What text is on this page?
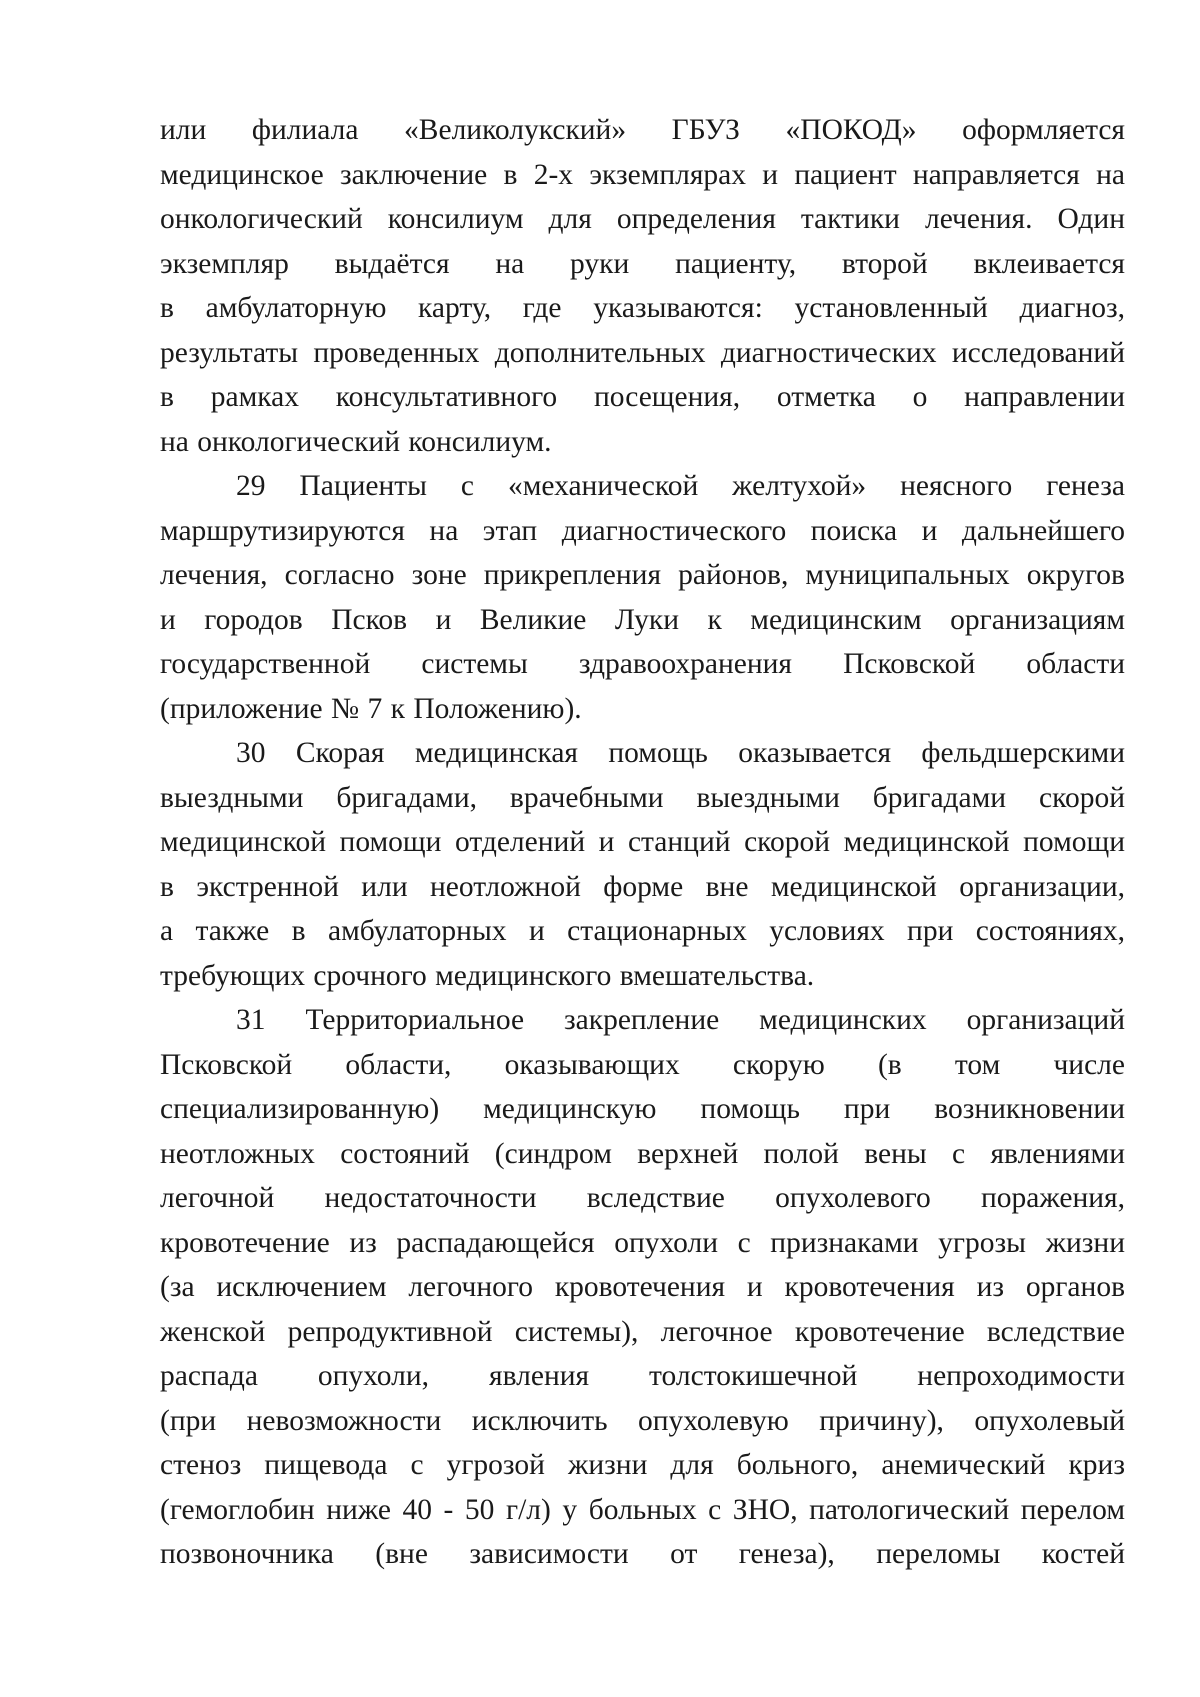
или филиала «Великолукский» ГБУЗ «ПОКОД» оформляется
медицинское заключение в 2-х экземплярах и пациент направляется на
онкологический консилиум для определения тактики лечения. Один
экземпляр выдаётся на руки пациенту, второй вклеивается
в амбулаторную карту, где указываются: установленный диагноз,
результаты проведенных дополнительных диагностических исследований
в рамках консультативного посещения, отметка о направлении
на онкологический консилиум.
29 Пациенты с «механической желтухой» неясного генеза
маршрутизируются на этап диагностического поиска и дальнейшего
лечения, согласно зоне прикрепления районов, муниципальных округов
и городов Псков и Великие Луки к медицинским организациям
государственной системы здравоохранения Псковской области
(приложение № 7 к Положению).
30 Скорая медицинская помощь оказывается фельдшерскими
выездными бригадами, врачебными выездными бригадами скорой
медицинской помощи отделений и станций скорой медицинской помощи
в экстренной или неотложной форме вне медицинской организации,
а также в амбулаторных и стационарных условиях при состояниях,
требующих срочного медицинского вмешательства.
31 Территориальное закрепление медицинских организаций
Псковской области, оказывающих скорую (в том числе
специализированную) медицинскую помощь при возникновении
неотложных состояний (синдром верхней полой вены с явлениями
легочной недостаточности вследствие опухолевого поражения,
кровотечение из распадающейся опухоли с признаками угрозы жизни
(за исключением легочного кровотечения и кровотечения из органов
женской репродуктивной системы), легочное кровотечение вследствие
распада опухоли, явления толстокишечной непроходимости
(при невозможности исключить опухолевую причину), опухолевый
стеноз пищевода с угрозой жизни для больного, анемический криз
(гемоглобин ниже 40 - 50 г/л) у больных с ЗНО, патологический перелом
позвоночника (вне зависимости от генеза), переломы костей
